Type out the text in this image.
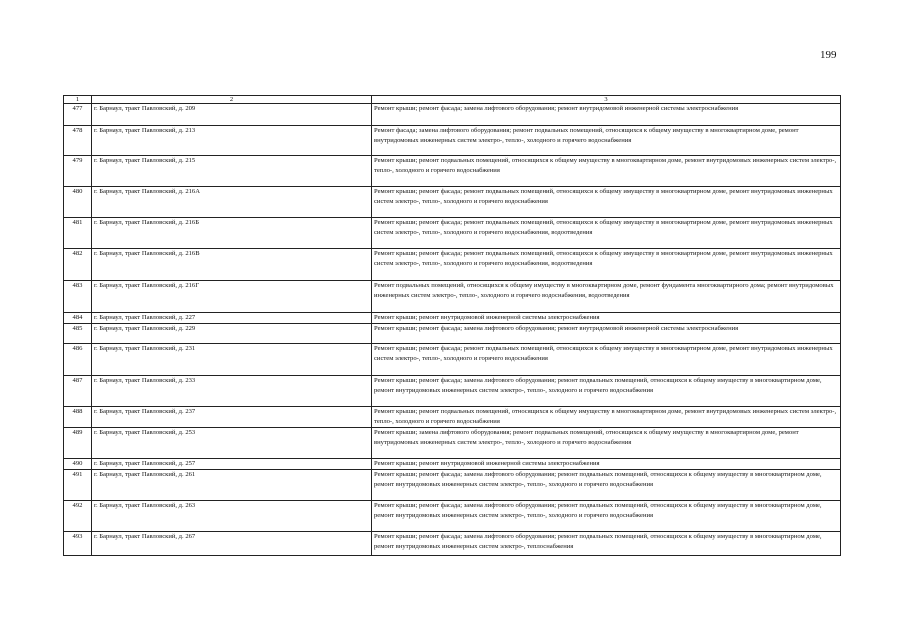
199
1	2	3
477	г. Барнаул, тракт Павловский, д. 209	Ремонт крыши; ремонт фасада; замена лифтового оборудования; ремонт внутридомовой инженерной системы электроснабжения
478	г. Барнаул, тракт Павловский, д. 213	Ремонт фасада; замена лифтового оборудования; ремонт подвальных помещений, относящихся к общему имуществу в многоквартирном доме, ремонт внутридомовых инженерных систем электро-, тепло-, холодного и горячего водоснабжения
479	г. Барнаул, тракт Павловский, д. 215	Ремонт крыши; ремонт подвальных помещений, относящихся к общему имуществу в многоквартирном доме, ремонт внутридомовых инженерных систем электро-, тепло-, холодного и горячего водоснабжения
480	г. Барнаул, тракт Павловский, д. 216А	Ремонт крыши; ремонт фасада; ремонт подвальных помещений, относящихся к общему имуществу в многоквартирном доме, ремонт внутридомовых инженерных систем электро-, тепло-, холодного и горячего водоснабжения
481	г. Барнаул, тракт Павловский, д. 216Б	Ремонт крыши; ремонт фасада; ремонт подвальных помещений, относящихся к общему имуществу в многоквартирном доме, ремонт внутридомовых инженерных систем электро-, тепло-, холодного и горячего водоснабжения, водоотведения
482	г. Барнаул, тракт Павловский, д. 216В	Ремонт крыши; ремонт фасада; ремонт подвальных помещений, относящихся к общему имуществу в многоквартирном доме, ремонт внутридомовых инженерных систем электро-, тепло-, холодного и горячего водоснабжения, водоотведения
483	г. Барнаул, тракт Павловский, д. 216Г	Ремонт подвальных помещений, относящихся к общему имуществу в многоквартирном доме, ремонт фундамента многоквартирного дома; ремонт внутридомовых инженерных систем электро-, тепло-, холодного и горячего водоснабжения, водоотведения
484	г. Барнаул, тракт Павловский, д. 227	Ремонт крыши; ремонт внутридомовой инженерной системы электроснабжения
485	г. Барнаул, тракт Павловский, д. 229	Ремонт крыши; ремонт фасада; замена лифтового оборудования; ремонт внутридомовой инженерной системы электроснабжения
486	г. Барнаул, тракт Павловский, д. 231	Ремонт крыши; ремонт фасада; ремонт подвальных помещений, относящихся к общему имуществу в многоквартирном доме, ремонт внутридомовых инженерных систем электро-, тепло-, холодного и горячего водоснабжения
487	г. Барнаул, тракт Павловский, д. 233	Ремонт крыши; ремонт фасада; замена лифтового оборудования; ремонт подвальных помещений, относящихся к общему имуществу в многоквартирном доме, ремонт внутридомовых инженерных систем электро-, тепло-, холодного и горячего водоснабжения
488	г. Барнаул, тракт Павловский, д. 237	Ремонт крыши; ремонт подвальных помещений, относящихся к общему имуществу в многоквартирном доме, ремонт внутридомовых инженерных систем электро-, тепло-, холодного и горячего водоснабжения
489	г. Барнаул, тракт Павловский, д. 253	Ремонт крыши; замена лифтового оборудования; ремонт подвальных помещений, относящихся к общему имуществу в многоквартирном доме, ремонт внутридомовых инженерных систем электро-, тепло-, холодного и горячего водоснабжения
490	г. Барнаул, тракт Павловский, д. 257	Ремонт крыши; ремонт внутридомовой инженерной системы электроснабжения
491	г. Барнаул, тракт Павловский, д. 261	Ремонт крыши; ремонт фасада; замена лифтового оборудования; ремонт подвальных помещений, относящихся к общему имуществу в многоквартирном доме, ремонт внутридомовых инженерных систем электро-, тепло-, холодного и горячего водоснабжения
492	г. Барнаул, тракт Павловский, д. 263	Ремонт крыши; ремонт фасада; замена лифтового оборудования; ремонт подвальных помещений, относящихся к общему имуществу в многоквартирном доме, ремонт внутридомовых инженерных систем электро-, тепло-, холодного и горячего водоснабжения
493	г. Барнаул, тракт Павловский, д. 267	Ремонт крыши; ремонт фасада; замена лифтового оборудования; ремонт подвальных помещений, относящихся к общему имуществу в многоквартирном доме, ремонт внутридомовых инженерных систем электро-, теплоснабжения
